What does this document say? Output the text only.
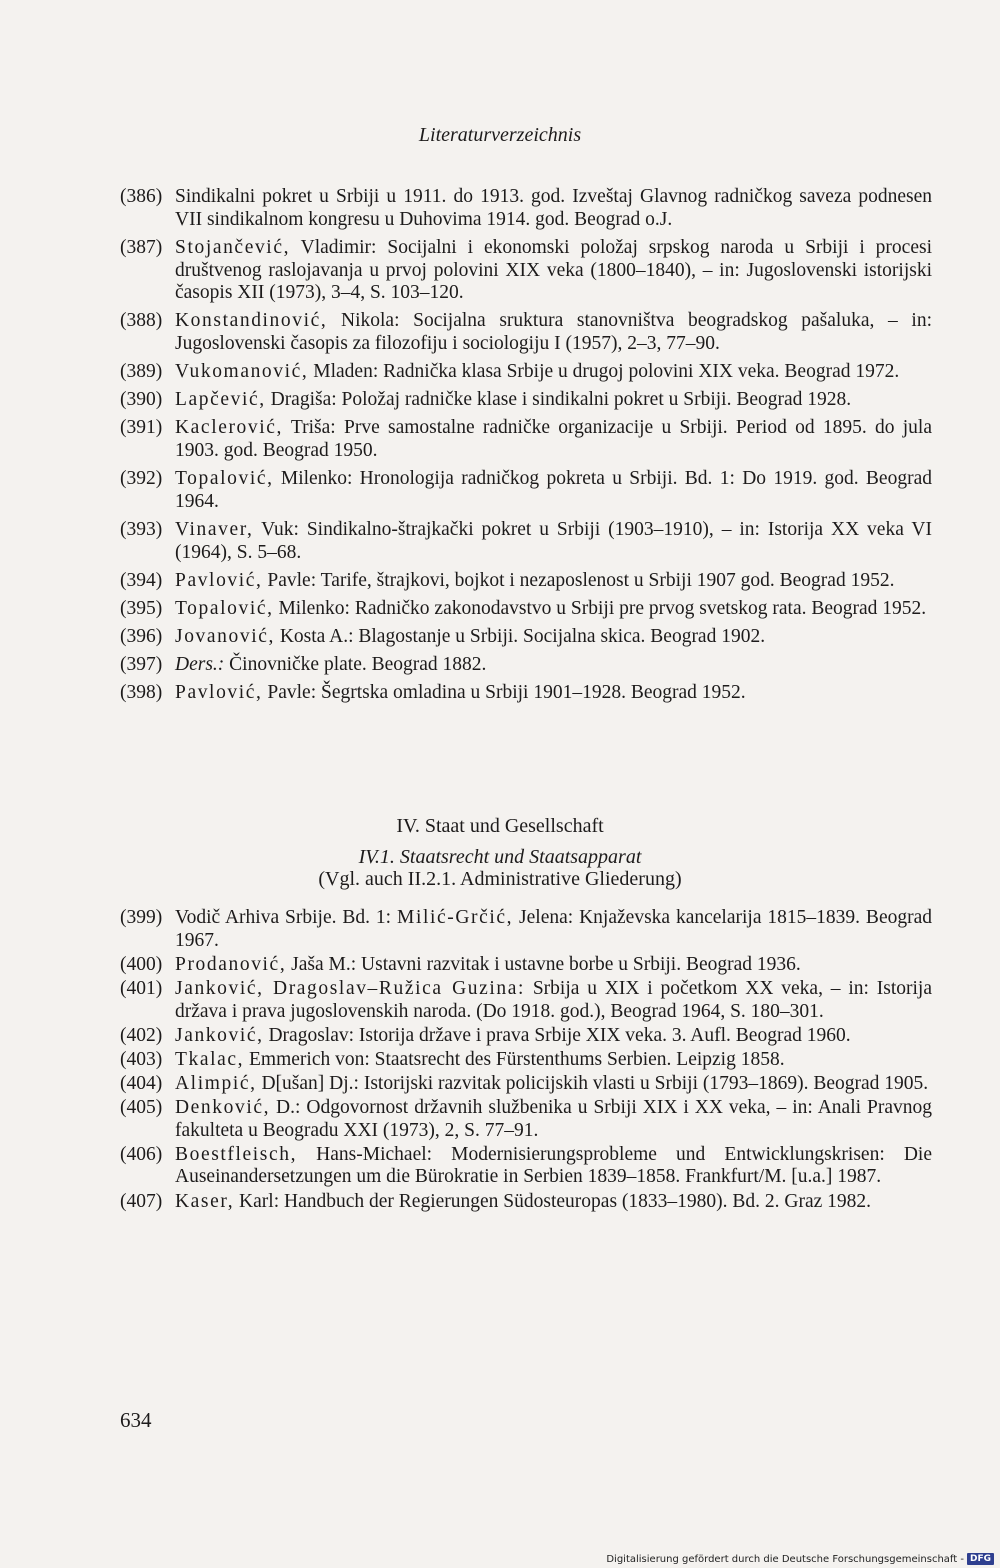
Literaturverzeichnis
(386) Sindikalni pokret u Srbiji u 1911. do 1913. god. Izveštaj Glavnog radničkog saveza podnesen VII sindikalnom kongresu u Duhovima 1914. god. Beograd o.J.
(387) Stojančević, Vladimir: Socijalni i ekonomski položaj srpskog naroda u Srbiji i procesi društvenog raslojavanja u prvoj polovini XIX veka (1800–1840), – in: Jugoslovenski istorijski časopis XII (1973), 3–4, S. 103–120.
(388) Konstandinović, Nikola: Socijalna sruktura stanovništva beogradskog pašaluka, – in: Jugoslovenski časopis za filozofiju i sociologiju I (1957), 2–3, 77–90.
(389) Vukomanović, Mladen: Radnička klasa Srbije u drugoj polovini XIX veka. Beograd 1972.
(390) Lapčević, Dragiša: Položaj radničke klase i sindikalni pokret u Srbiji. Beograd 1928.
(391) Kaclerović, Triša: Prve samostalne radničke organizacije u Srbiji. Period od 1895. do jula 1903. god. Beograd 1950.
(392) Topalović, Milenko: Hronologija radničkog pokreta u Srbiji. Bd. 1: Do 1919. god. Beograd 1964.
(393) Vinaver, Vuk: Sindikalno-štrajkački pokret u Srbiji (1903–1910), – in: Istorija XX veka VI (1964), S. 5–68.
(394) Pavlović, Pavle: Tarife, štrajkovi, bojkot i nezaposlenost u Srbiji 1907 god. Beograd 1952.
(395) Topalović, Milenko: Radničko zakonodavstvo u Srbiji pre prvog svetskog rata. Beograd 1952.
(396) Jovanović, Kosta A.: Blagostanje u Srbiji. Socijalna skica. Beograd 1902.
(397) Ders.: Činovničke plate. Beograd 1882.
(398) Pavlović, Pavle: Šegrtska omladina u Srbiji 1901–1928. Beograd 1952.
IV. Staat und Gesellschaft
IV.1. Staatsrecht und Staatsapparat
(Vgl. auch II.2.1. Administrative Gliederung)
(399) Vodič Arhiva Srbije. Bd. 1: Milić-Grčić, Jelena: Knjaževska kancelarija 1815–1839. Beograd 1967.
(400) Prodanović, Jaša M.: Ustavni razvitak i ustavne borbe u Srbiji. Beograd 1936.
(401) Janković, Dragoslav–Ružica Guzina: Srbija u XIX i početkom XX veka, – in: Istorija država i prava jugoslovenskih naroda. (Do 1918. god.), Beograd 1964, S. 180–301.
(402) Janković, Dragoslav: Istorija države i prava Srbije XIX veka. 3. Aufl. Beograd 1960.
(403) Tkalac, Emmerich von: Staatsrecht des Fürstenthums Serbien. Leipzig 1858.
(404) Alimpić, D[ušan] Dj.: Istorijski razvitak policijskih vlasti u Srbiji (1793–1869). Beograd 1905.
(405) Denković, D.: Odgovornost državnih službenika u Srbiji XIX i XX veka, – in: Anali Pravnog fakulteta u Beogradu XXI (1973), 2, S. 77–91.
(406) Boestfleisch, Hans-Michael: Modernisierungsprobleme und Entwicklungskrisen: Die Auseinandersetzungen um die Bürokratie in Serbien 1839–1858. Frankfurt/M. [u.a.] 1987.
(407) Kaser, Karl: Handbuch der Regierungen Südosteuropas (1833–1980). Bd. 2. Graz 1982.
634
Digitalisierung gefördert durch die Deutsche Forschungsgemeinschaft - DFG
